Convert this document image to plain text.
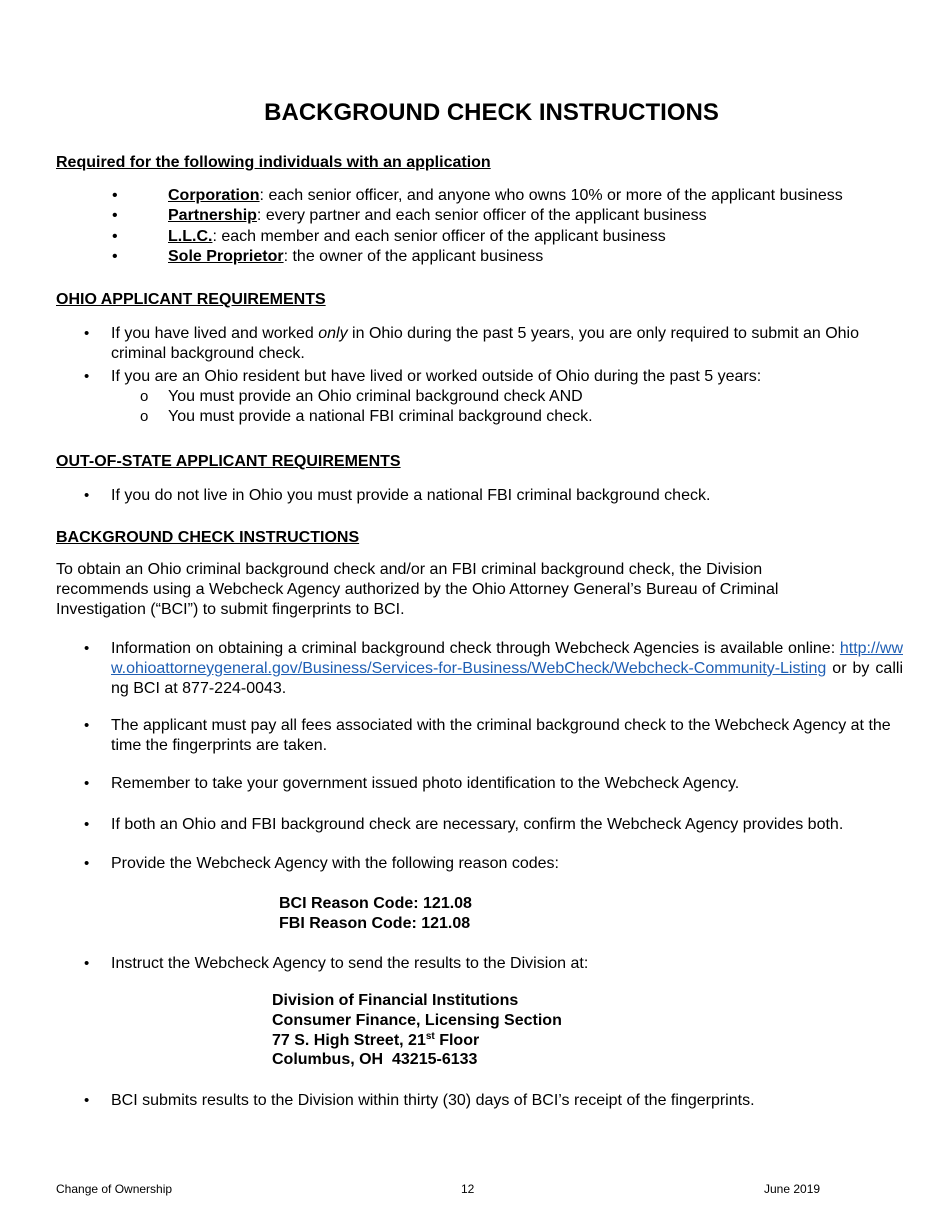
BACKGROUND CHECK INSTRUCTIONS
Required for the following individuals with an application
•	Corporation: each senior officer, and anyone who owns 10% or more of the applicant business
•	Partnership: every partner and each senior officer of the applicant business
•	L.L.C.: each member and each senior officer of the applicant business
•	Sole Proprietor: the owner of the applicant business
OHIO APPLICANT REQUIREMENTS
• If you have lived and worked only in Ohio during the past 5 years, you are only required to submit an Ohio criminal background check.
• If you are an Ohio resident but have lived or worked outside of Ohio during the past 5 years:
o You must provide an Ohio criminal background check AND
o You must provide a national FBI criminal background check.
OUT-OF-STATE APPLICANT REQUIREMENTS
• If you do not live in Ohio you must provide a national FBI criminal background check.
BACKGROUND CHECK INSTRUCTIONS
To obtain an Ohio criminal background check and/or an FBI criminal background check, the Division recommends using a Webcheck Agency authorized by the Ohio Attorney General’s Bureau of Criminal Investigation (“BCI”) to submit fingerprints to BCI.
• Information on obtaining a criminal background check through Webcheck Agencies is available online: http://www.ohioattorneygeneral.gov/Business/Services-for-Business/WebCheck/Webcheck-Community-Listing or by calling BCI at 877-224-0043.
• The applicant must pay all fees associated with the criminal background check to the Webcheck Agency at the time the fingerprints are taken.
• Remember to take your government issued photo identification to the Webcheck Agency.
• If both an Ohio and FBI background check are necessary, confirm the Webcheck Agency provides both.
• Provide the Webcheck Agency with the following reason codes:
BCI Reason Code: 121.08
FBI Reason Code: 121.08
• Instruct the Webcheck Agency to send the results to the Division at:
Division of Financial Institutions
Consumer Finance, Licensing Section
77 S. High Street, 21st Floor
Columbus, OH  43215-6133
• BCI submits results to the Division within thirty (30) days of BCI’s receipt of the fingerprints.
Change of Ownership	12	June 2019
